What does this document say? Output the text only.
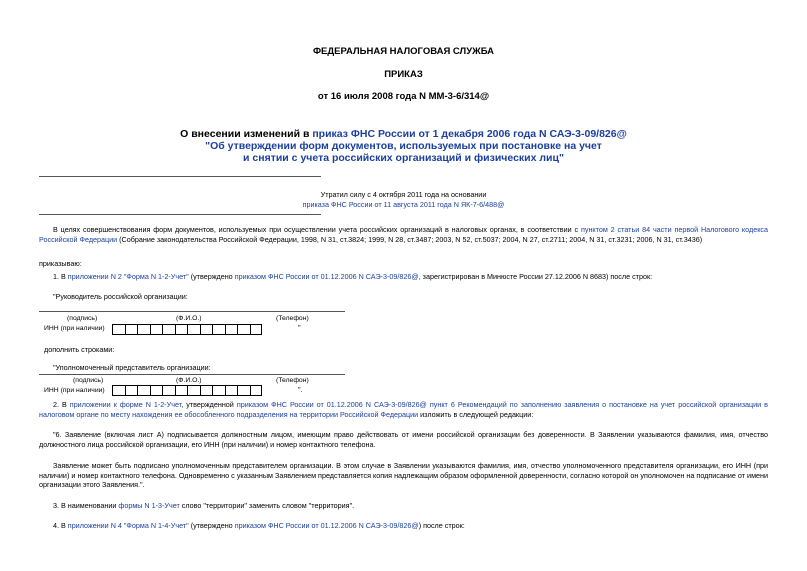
ФЕДЕРАЛЬНАЯ НАЛОГОВАЯ СЛУЖБА
ПРИКАЗ
от 16 июля 2008 года N ММ-3-6/314@
О внесении изменений в приказ ФНС России от 1 декабря 2006 года N САЭ-3-09/826@
"Об утверждении форм документов, используемых при постановке на учет
и снятии с учета российских организаций и физических лиц"
Утратил силу с 4 октября 2011 года на основании
приказа ФНС России от 11 августа 2011 года N ЯК-7-6/488@
В целях совершенствования форм документов, используемых при осуществлении учета российских организаций в налоговых органах, в соответствии с пунктом 2 статьи 84 части первой Налогового кодекса Российской Федерации (Собрание законодательства Российской Федерации, 1998, N 31, ст.3824; 1999, N 28, ст.3487; 2003, N 52, ст.5037; 2004, N 27, ст.2711; 2004, N 31, ст.3231; 2006, N 31, ст.3436)
приказываю:
1. В приложении N 2 "Форма N 1-2-Учет" (утверждено приказом ФНС России от 01.12.2006 N САЭ-3-09/826@, зарегистрирован в Минюсте России 27.12.2006 N 8683) после строк:
"Руководитель российской организации:
(подпись)	(Ф.И.О.)	(Телефон)
ИНН (при наличии)	"
дополнить строками:
"Уполномоченный представитель организации:
(подпись)	(Ф.И.О.)	(Телефон)
ИНН (при наличии)	".
2. В приложении к форме N 1-2-Учет, утвержденной приказом ФНС России от 01.12.2006 N САЭ-3-09/826@ пункт 6 Рекомендаций по заполнению заявления о постановке на учет российской организации в налоговом органе по месту нахождения ее обособленного подразделения на территории Российской Федерации изложить в следующей редакции:
"6. Заявление (включая лист А) подписывается должностным лицом, имеющим право действовать от имени российской организации без доверенности. В Заявлении указываются фамилия, имя, отчество должностного лица российской организации, его ИНН (при наличии) и номер контактного телефона.
Заявление может быть подписано уполномоченным представителем организации. В этом случае в Заявлении указываются фамилия, имя, отчество уполномоченного представителя организации, его ИНН (при наличии) и номер контактного телефона. Одновременно с указанным Заявлением представляется копия надлежащим образом оформленной доверенности, согласно которой он уполномочен на подписание от имени организации этого Заявления.".
3. В наименовании формы N 1-3-Учет слово "территории" заменить словом "территория".
4. В приложении N 4 "Форма N 1-4-Учет" (утверждено приказом ФНС России от 01.12.2006 N САЭ-3-09/826@) после строк:
